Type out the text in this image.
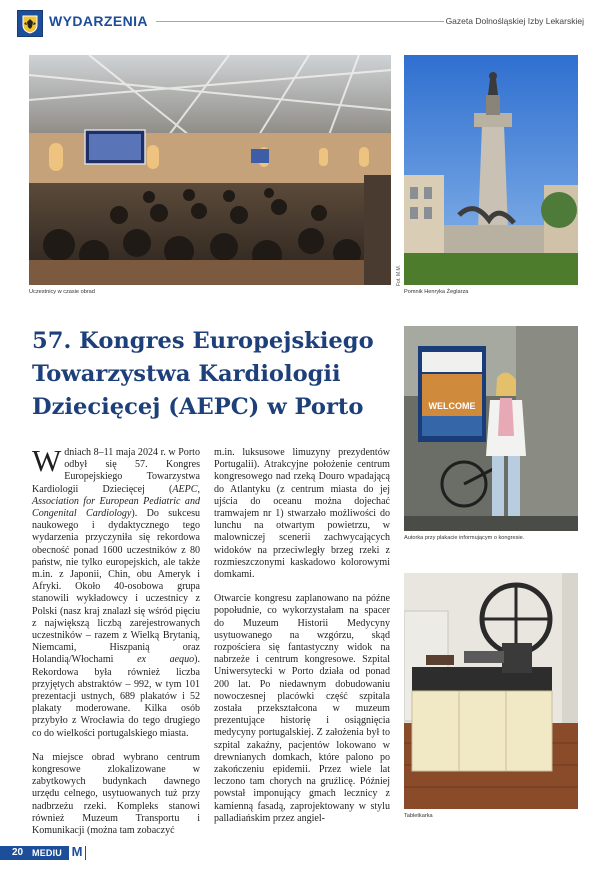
WYDARZENIA	Gazeta Dolnośląskiej Izby Lekarskiej
Uczestnicy w czasie obrad
Fot. M.M.
Pomnik Henryka Żeglarza
57. Kongres Europejskiego Towarzystwa Kardiologii Dziecięcej (AEPC) w Porto	WELCOME
Autorka przy plakacie informującym o kongresie.
Tabletkarka

Wdniach 8–11 maja 2024 r. w Porto odbył się 57. Kongres Europejskiego Towarzystwa Kardiologii Dziecięcej (AEPC, Association for European Pediatric and Congenital Cardiology). Do sukcesu naukowego i dydaktycznego tego wydarzenia przyczyniła się rekordowa obecność ponad 1600 uczestników z 80 państw, nie tylko europejskich, ale także m.in. z Japonii, Chin, obu Ameryk i Afryki. Około 40-osobowa grupa stanowili wykładowcy i uczestnicy z Polski (nasz kraj znalazł się wśród pięciu z największą liczbą zarejestrowanych uczestników – razem z Wielką Brytanią, Niemcami, Hiszpanią oraz Holandią/Włochami ex aequo). Rekordowa była również liczba przyjętych abstraktów – 992, w tym 101 prezentacji ustnych, 689 plakatów i 52 plakaty moderowane. Kilka osób przybyło z Wrocławia do tego drugiego co do wielkości portugalskiego miasta.

Na miejsce obrad wybrano centrum kongresowe zlokalizowane w zabytkowych budynkach dawnego urzędu celnego, usytuowanych tuż przy nadbrzeżu rzeki. Kompleks stanowi również Muzeum Transportu i Komunikacji (można tam zobaczyć

m.in. luksusowe limuzyny prezydentów Portugalii). Atrakcyjne położenie centrum kongresowego nad rzeką Douro wpadającą do Atlantyku (z centrum miasta do jej ujścia do oceanu można dojechać tramwajem nr 1) stwarzało możliwości do lunchu na otwartym powietrzu, w malowniczej scenerii zachwycających widoków na przeciwległy brzeg rzeki z rozmieszczonymi kaskadowo kolorowymi domkami.

Otwarcie kongresu zaplanowano na późne popołudnie, co wykorzystałam na spacer do Muzeum Historii Medycyny usytuowanego na wzgórzu, skąd rozpościera się fantastyczny widok na nabrzeże i centrum kongresowe. Szpital Uniwersytecki w Porto działa od ponad 200 lat. Po niedawnym dobudowaniu nowoczesnej placówki część szpitala została przekształcona w muzeum prezentujące historię i osiągnięcia medycyny portugalskiej. Z założenia był to szpital zakaźny, pacjentów lokowano w drewnianych domkach, które palono po zakończeniu epidemii. Przez wiele lat leczono tam chorych na gruźlicę. Później powstał imponujący gmach lecznicy z kamienną fasadą, zaprojektowany w stylu palladiańskim przez angiel-

20 MEDIU M
